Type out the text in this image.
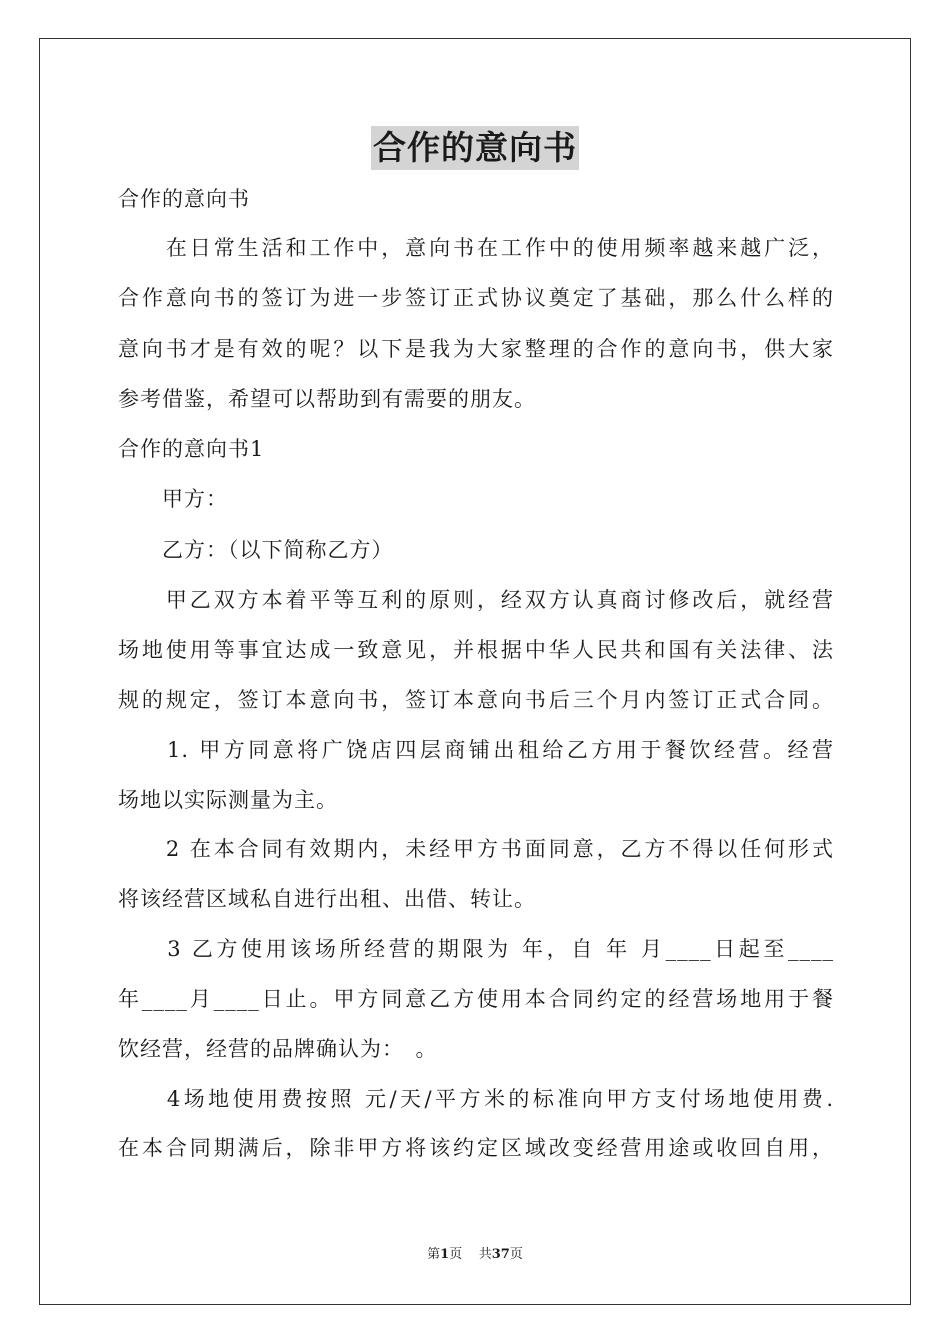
合作的意向书
合作的意向书
　　在日常生活和工作中，意向书在工作中的使用频率越来越广泛，
合作意向书的签订为进一步签订正式协议奠定了基础，那么什么样的
意向书才是有效的呢？以下是我为大家整理的合作的意向书，供大家
参考借鉴，希望可以帮助到有需要的朋友。
合作的意向书1
　　甲方：
　　乙方：（以下简称乙方）
　　甲乙双方本着平等互利的原则，经双方认真商讨修改后，就经营
场地使用等事宜达成一致意见，并根据中华人民共和国有关法律、法
规的规定，签订本意向书，签订本意向书后三个月内签订正式合同。
　　1. 甲方同意将广饶店四层商铺出租给乙方用于餐饮经营。经营
场地以实际测量为主。
　　2 在本合同有效期内，未经甲方书面同意，乙方不得以任何形式
将该经营区域私自进行出租、出借、转让。
　　3 乙方使用该场所经营的期限为 年，自 年 月____日起至____
年____月____日止。甲方同意乙方使用本合同约定的经营场地用于餐
饮经营，经营的品牌确认为：　。
　　4场地使用费按照 元/天/平方米的标准向甲方支付场地使用费.
在本合同期满后，除非甲方将该约定区域改变经营用途或收回自用，
第1页 共37页
